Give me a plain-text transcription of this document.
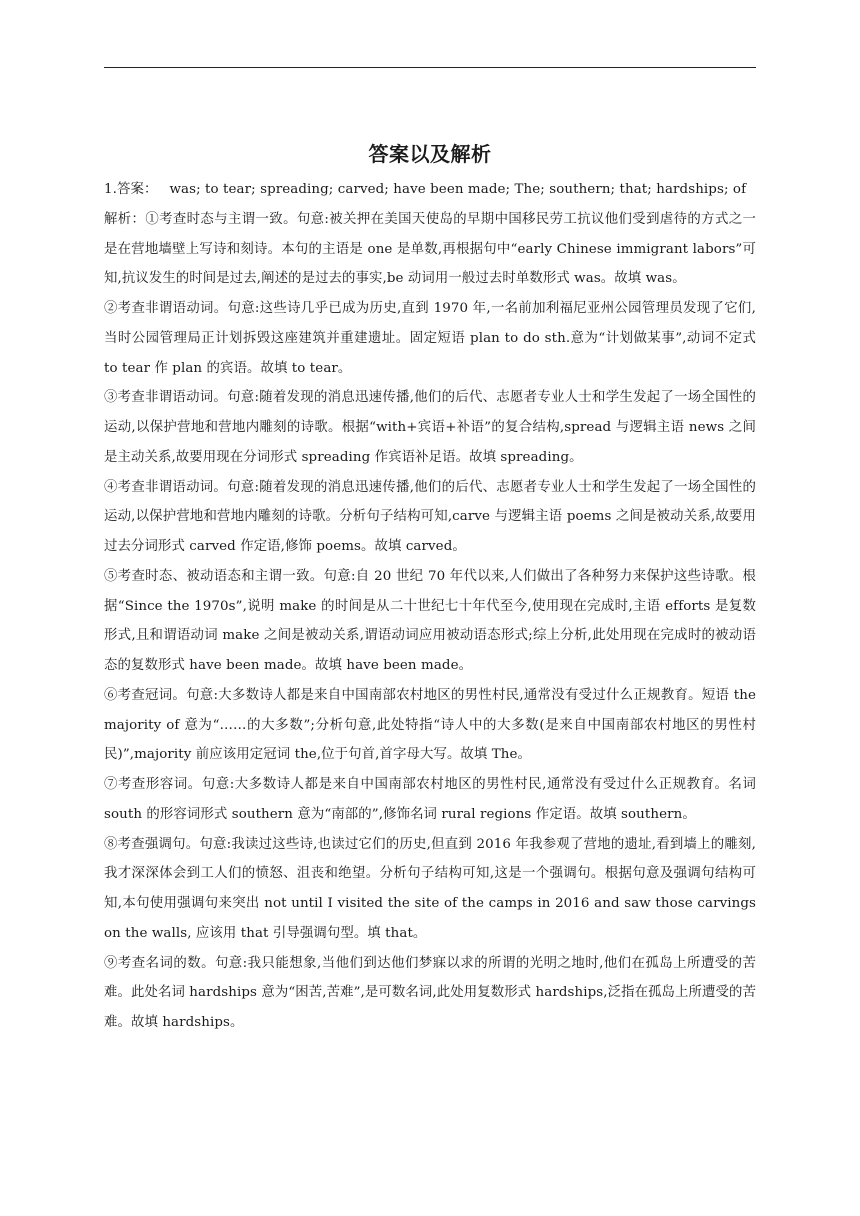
答案以及解析

1.答案： was; to tear; spreading; carved; have been made; The; southern; that; hardships; of

解析：①考查时态与主谓一致。句意:被关押在美国天使岛的早期中国移民劳工抗议他们受到虐待的方式之一是在营地墙壁上写诗和刻诗。本句的主语是 one 是单数,再根据句中“early Chinese immigrant labors”可知,抗议发生的时间是过去,阐述的是过去的事实,be 动词用一般过去时单数形式 was。故填 was。

②考查非谓语动词。句意:这些诗几乎已成为历史,直到 1970 年,一名前加利福尼亚州公园管理员发现了它们,当时公园管理局正计划拆毁这座建筑并重建遗址。固定短语 plan to do sth.意为“计划做某事”,动词不定式 to tear 作 plan 的宾语。故填 to tear。

③考查非谓语动词。句意:随着发现的消息迅速传播,他们的后代、志愿者专业人士和学生发起了一场全国性的运动,以保护营地和营地内雕刻的诗歌。根据“with+宾语+补语”的复合结构,spread 与逻辑主语 news 之间是主动关系,故要用现在分词形式 spreading 作宾语补足语。故填 spreading。

④考查非谓语动词。句意:随着发现的消息迅速传播,他们的后代、志愿者专业人士和学生发起了一场全国性的运动,以保护营地和营地内雕刻的诗歌。分析句子结构可知,carve 与逻辑主语 poems 之间是被动关系,故要用过去分词形式 carved 作定语,修饰 poems。故填 carved。

⑤考查时态、被动语态和主谓一致。句意:自 20 世纪 70 年代以来,人们做出了各种努力来保护这些诗歌。根据“Since the 1970s”,说明 make 的时间是从二十世纪七十年代至今,使用现在完成时,主语 efforts 是复数形式,且和谓语动词 make 之间是被动关系,谓语动词应用被动语态形式;综上分析,此处用现在完成时的被动语态的复数形式 have been made。故填 have been made。

⑥考查冠词。句意:大多数诗人都是来自中国南部农村地区的男性村民,通常没有受过什么正规教育。短语 the majority of 意为“……的大多数”;分析句意,此处特指“诗人中的大多数(是来自中国南部农村地区的男性村民)”,majority 前应该用定冠词 the,位于句首,首字母大写。故填 The。

⑦考查形容词。句意:大多数诗人都是来自中国南部农村地区的男性村民,通常没有受过什么正规教育。名词 south 的形容词形式 southern 意为“南部的”,修饰名词 rural regions 作定语。故填 southern。

⑧考查强调句。句意:我读过这些诗,也读过它们的历史,但直到 2016 年我参观了营地的遗址,看到墙上的雕刻,我才深深体会到工人们的愤怒、沮丧和绝望。分析句子结构可知,这是一个强调句。根据句意及强调句结构可知,本句使用强调句来突出 not until I visited the site of the camps in 2016 and saw those carvings on the walls, 应该用 that 引导强调句型。填 that。

⑨考查名词的数。句意:我只能想象,当他们到达他们梦寐以求的所谓的光明之地时,他们在孤岛上所遭受的苦难。此处名词 hardships 意为“困苦,苦难”,是可数名词,此处用复数形式 hardships,泛指在孤岛上所遭受的苦难。故填 hardships。
